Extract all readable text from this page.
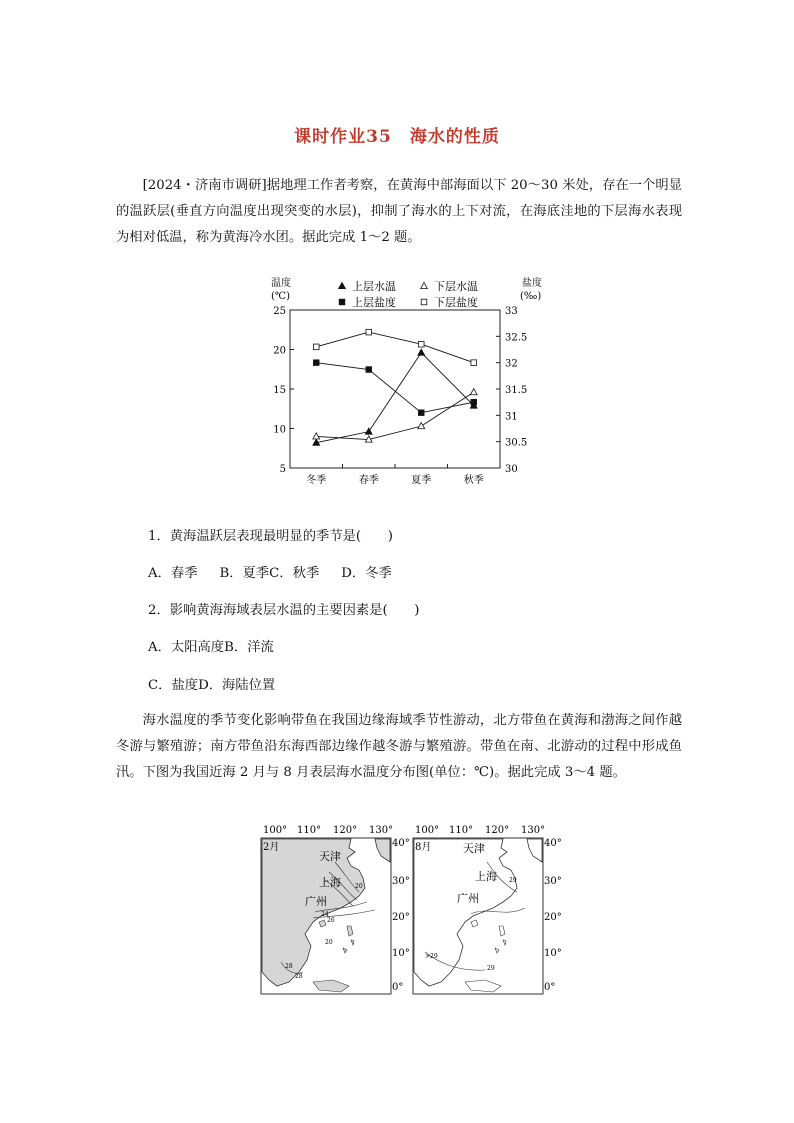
课时作业35　海水的性质
[2024・济南市调研]据地理工作者考察，在黄海中部海面以下 20～30 米处，存在一个明显的温跃层(垂直方向温度出现突变的水层)，抑制了海水的上下对流，在海底洼地的下层海水表现为相对低温，称为黄海冷水团。据此完成 1～2 题。
温度
(℃)
盐度
(‰)
25
20
15
10
5
33
32.5
32
31.5
31
30.5
30
冬季	春季	夏季	秋季
上层水温	下层水温
上层盐度	下层盐度
1．黄海温跃层表现最明显的季节是(　　)
A．春季 B．夏季C．秋季 D．冬季
2．影响黄海海域表层水温的主要因素是(　　)
A．太阳高度B．洋流
C．盐度D．海陆位置
海水温度的季节变化影响带鱼在我国边缘海域季节性游动，北方带鱼在黄海和渤海之间作越冬游与繁殖游；南方带鱼沿东海西部边缘作越冬游与繁殖游。带鱼在南、北游动的过程中形成鱼汛。下图为我国近海 2 月与 8 月表层海水温度分布图(单位：℃)。据此完成 3～4 题。
100° 110° 120° 130° 100° 110° 120° 130°
2月
天津
上海
广州
20
24
26
28
20
28
8月	天津
上海
广州
29
29
>29
40°
30°
20°
10°
0°
40°
30°
20°
10°
0°
